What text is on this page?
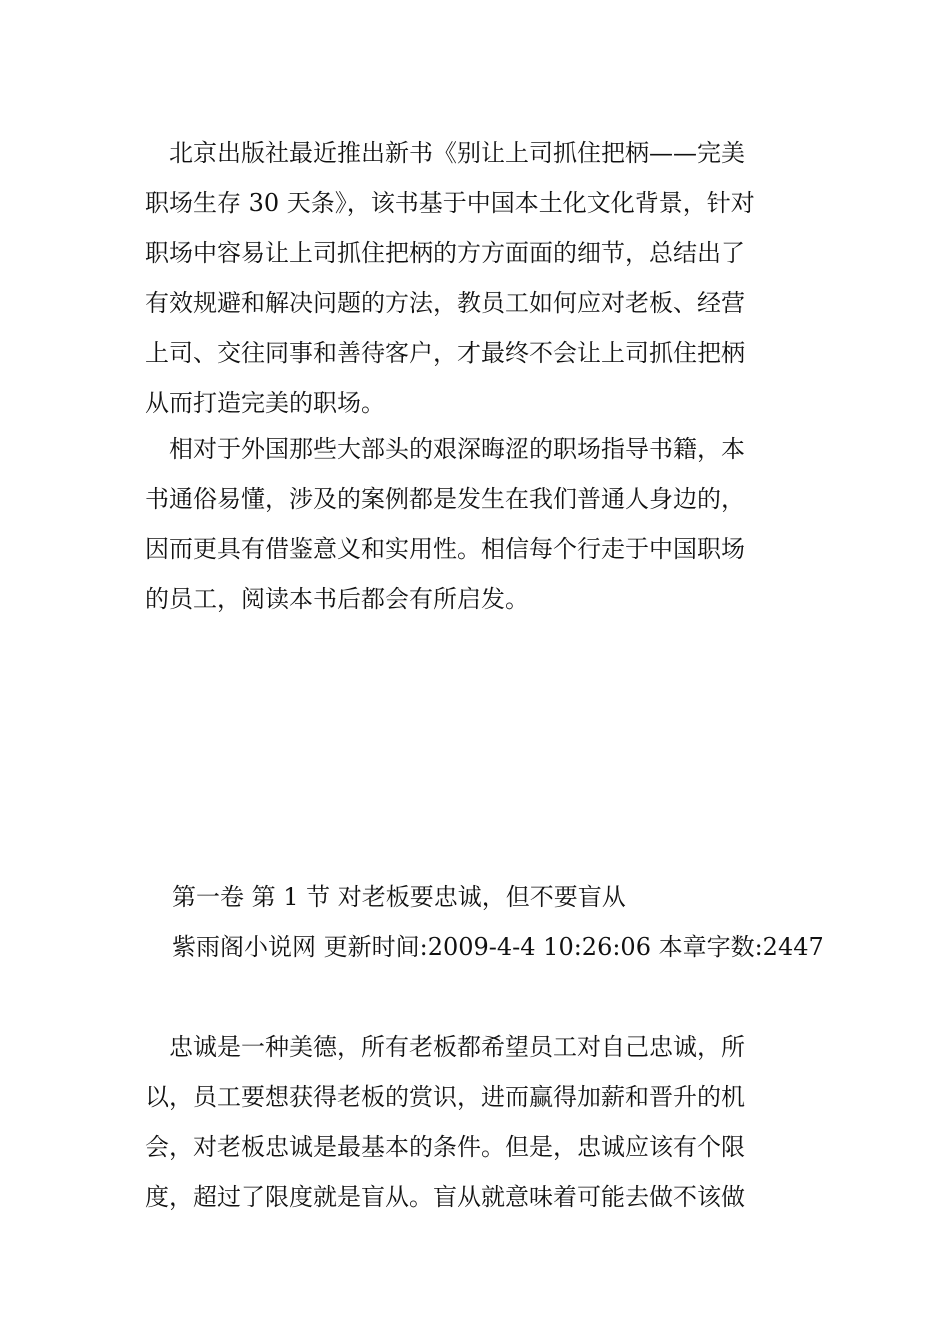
　北京出版社最近推出新书《别让上司抓住把柄——完美
职场生存 30 天条》，该书基于中国本土化文化背景，针对
职场中容易让上司抓住把柄的方方面面的细节，总结出了
有效规避和解决问题的方法，教员工如何应对老板、经营
上司、交往同事和善待客户，才最终不会让上司抓住把柄
从而打造完美的职场。
　相对于外国那些大部头的艰深晦涩的职场指导书籍，本
书通俗易懂，涉及的案例都是发生在我们普通人身边的，
因而更具有借鉴意义和实用性。相信每个行走于中国职场
的员工，阅读本书后都会有所启发。
第一卷 第 1 节 对老板要忠诚，但不要盲从
紫雨阁小说网 更新时间:2009-4-4 10:26:06 本章字数:2447
　忠诚是一种美德，所有老板都希望员工对自己忠诚，所
以，员工要想获得老板的赏识，进而赢得加薪和晋升的机
会，对老板忠诚是最基本的条件。但是，忠诚应该有个限
度，超过了限度就是盲从。盲从就意味着可能去做不该做
